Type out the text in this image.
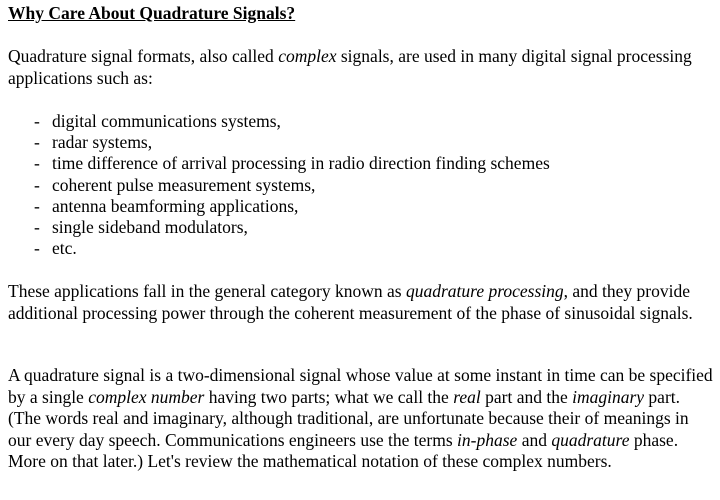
Why Care About Quadrature Signals?

Quadrature signal formats, also called complex signals, are used in many digital signal processing applications such as:

- digital communications systems,
- radar systems,
- time difference of arrival processing in radio direction finding schemes
- coherent pulse measurement systems,
- antenna beamforming applications,
- single sideband modulators,
- etc.

These applications fall in the general category known as quadrature processing, and they provide additional processing power through the coherent measurement of the phase of sinusoidal signals.

A quadrature signal is a two-dimensional signal whose value at some instant in time can be specified by a single complex number having two parts; what we call the real part and the imaginary part. (The words real and imaginary, although traditional, are unfortunate because their of meanings in our every day speech. Communications engineers use the terms in-phase and quadrature phase. More on that later.) Let's review the mathematical notation of these complex numbers.
